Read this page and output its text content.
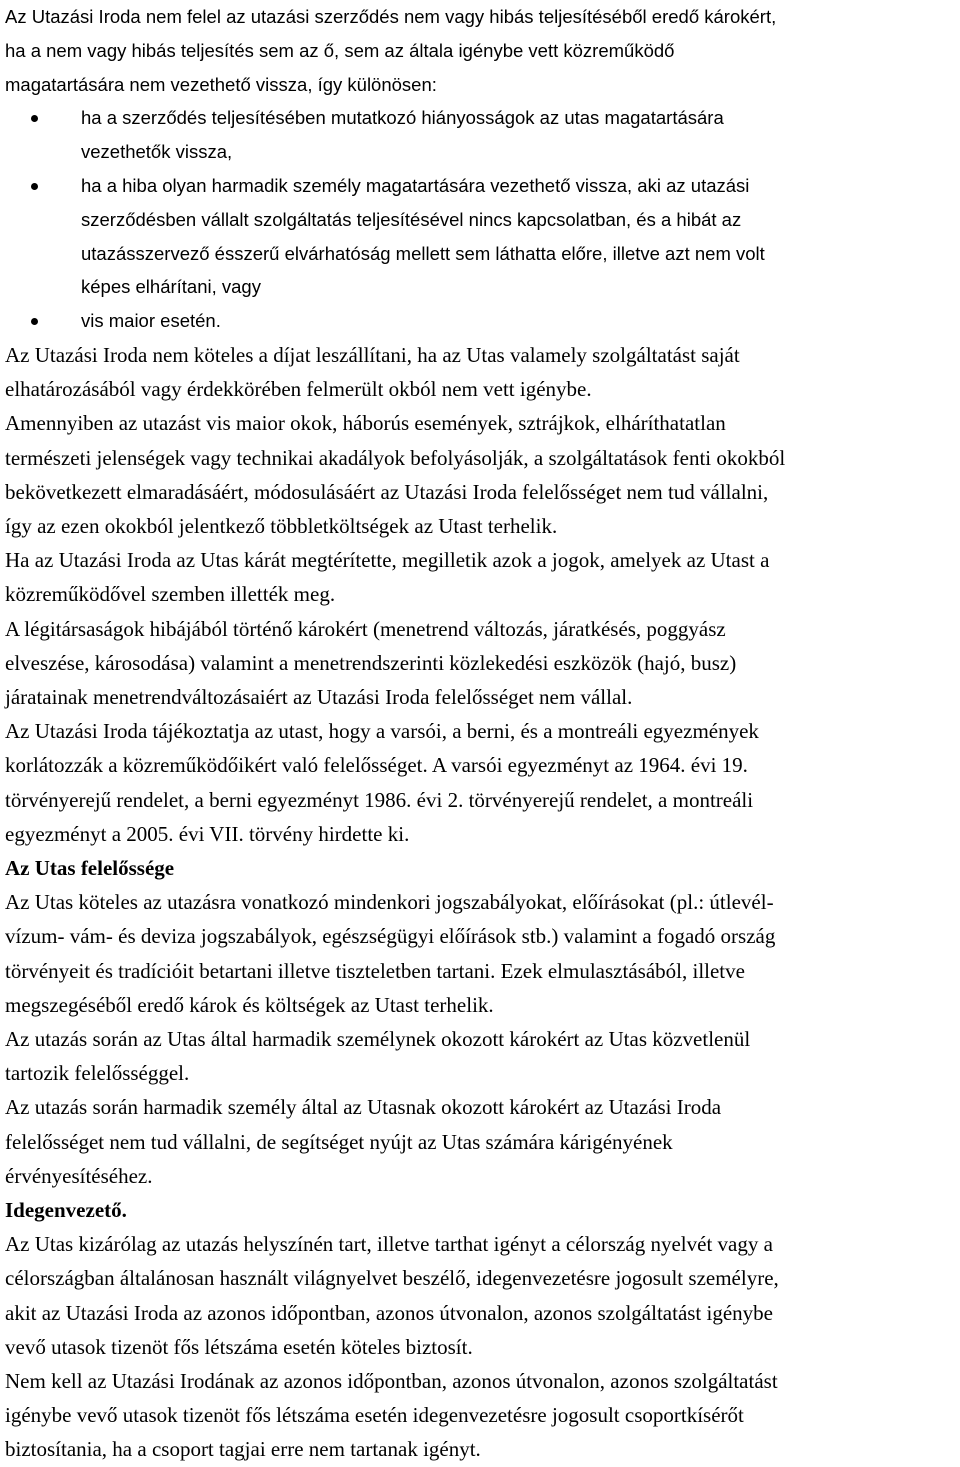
Az Utazási Iroda nem felel az utazási szerződés nem vagy hibás teljesítéséből eredő károkért,
ha a nem vagy hibás teljesítés sem az ő, sem az általa igénybe vett közreműködő
magatartására nem vezethető vissza, így különösen:

ha a szerződés teljesítésében mutatkozó hiányosságok az utas magatartására
vezethetők vissza,
ha a hiba olyan harmadik személy magatartására vezethető vissza, aki az utazási
szerződésben vállalt szolgáltatás teljesítésével nincs kapcsolatban, és a hibát az
utazásszervező ésszerű elvárhatóság mellett sem láthatta előre, illetve azt nem volt
képes elhárítani, vagy
vis maior esetén.

Az Utazási Iroda nem köteles a díjat leszállítani, ha az Utas valamely szolgáltatást saját
elhatározásából vagy érdekkörében felmerült okból nem vett igénybe.

Amennyiben az utazást vis maior okok, háborús események, sztrájkok, elháríthatatlan
természeti jelenségek vagy technikai akadályok befolyásolják, a szolgáltatások fenti okokból
bekövetkezett elmaradásáért, módosulásáért az Utazási Iroda felelősséget nem tud vállalni,
így az ezen okokból jelentkező többletköltségek az Utast terhelik.

Ha az Utazási Iroda az Utas kárát megtérítette, megilletik azok a jogok, amelyek az Utast a
közreműködővel szemben illették meg.

A légitársaságok hibájából történő károkért (menetrend változás, járatkésés, poggyász
elveszése, károsodása) valamint a menetrendszerinti közlekedési eszközök (hajó, busz)
járatainak menetrendváltozásaiért az Utazási Iroda felelősséget nem vállal.

Az Utazási Iroda tájékoztatja az utast, hogy a varsói, a berni, és a montreáli egyezmények
korlátozzák a közreműködőikért való felelősséget. A varsói egyezményt az 1964. évi 19.
törvényerejű rendelet, a berni egyezményt 1986. évi 2. törvényerejű rendelet, a montreáli
egyezményt a 2005. évi VII. törvény hirdette ki.

Az Utas felelőssége

Az Utas köteles az utazásra vonatkozó mindenkori jogszabályokat, előírásokat (pl.: útlevél-
vízum- vám- és deviza jogszabályok, egészségügyi előírások stb.) valamint a fogadó ország
törvényeit és tradícióit betartani illetve tiszteletben tartani. Ezek elmulasztásából, illetve
megszegéséből eredő károk és költségek az Utast terhelik.

Az utazás során az Utas által harmadik személynek okozott károkért az Utas közvetlenül
tartozik felelősséggel.

Az utazás során harmadik személy által az Utasnak okozott károkért az Utazási Iroda
felelősséget nem tud vállalni, de segítséget nyújt az Utas számára kárigényének
érvényesítéséhez.

Idegenvezető.

Az Utas kizárólag az utazás helyszínén tart, illetve tarthat igényt a célország nyelvét vagy a
célországban általánosan használt világnyelvet beszélő, idegenvezetésre jogosult személyre,
akit az Utazási Iroda az azonos időpontban, azonos útvonalon, azonos szolgáltatást igénybe
vevő utasok tizenöt fős létszáma esetén köteles biztosít.

Nem kell az Utazási Irodának az azonos időpontban, azonos útvonalon, azonos szolgáltatást
igénybe vevő utasok tizenöt fős létszáma esetén idegenvezetésre jogosult csoportkísérőt
biztosítania, ha a csoport tagjai erre nem tartanak igényt.
